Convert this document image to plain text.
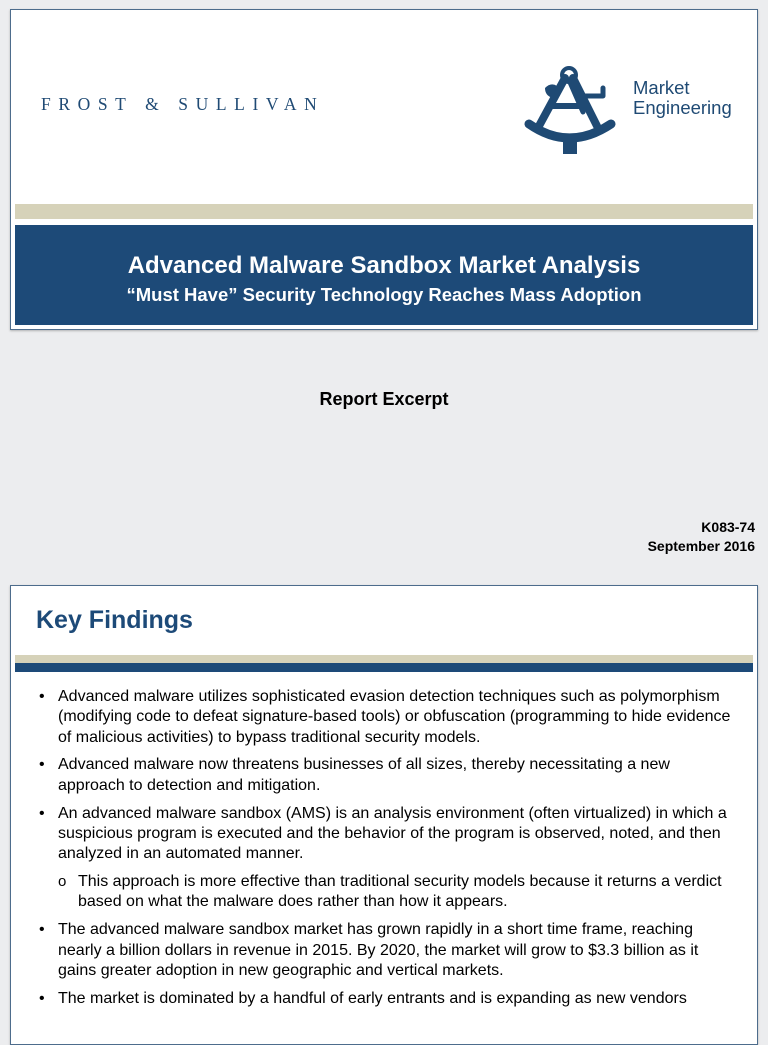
FROST & SULLIVAN
Market
Engineering
Advanced Malware Sandbox Market Analysis
“Must Have” Security Technology Reaches Mass Adoption
Report Excerpt
K083-74
September 2016
Key Findings
• Advanced malware utilizes sophisticated evasion detection techniques such as polymorphism (modifying code to defeat signature-based tools) or obfuscation (programming to hide evidence of malicious activities) to bypass traditional security models.
• Advanced malware now threatens businesses of all sizes, thereby necessitating a new approach to detection and mitigation.
• An advanced malware sandbox (AMS) is an analysis environment (often virtualized) in which a suspicious program is executed and the behavior of the program is observed, noted, and then analyzed in an automated manner.
o This approach is more effective than traditional security models because it returns a verdict based on what the malware does rather than how it appears.
• The advanced malware sandbox market has grown rapidly in a short time frame, reaching nearly a billion dollars in revenue in 2015. By 2020, the market will grow to $3.3 billion as it gains greater adoption in new geographic and vertical markets.
• The market is dominated by a handful of early entrants and is expanding as new vendors
